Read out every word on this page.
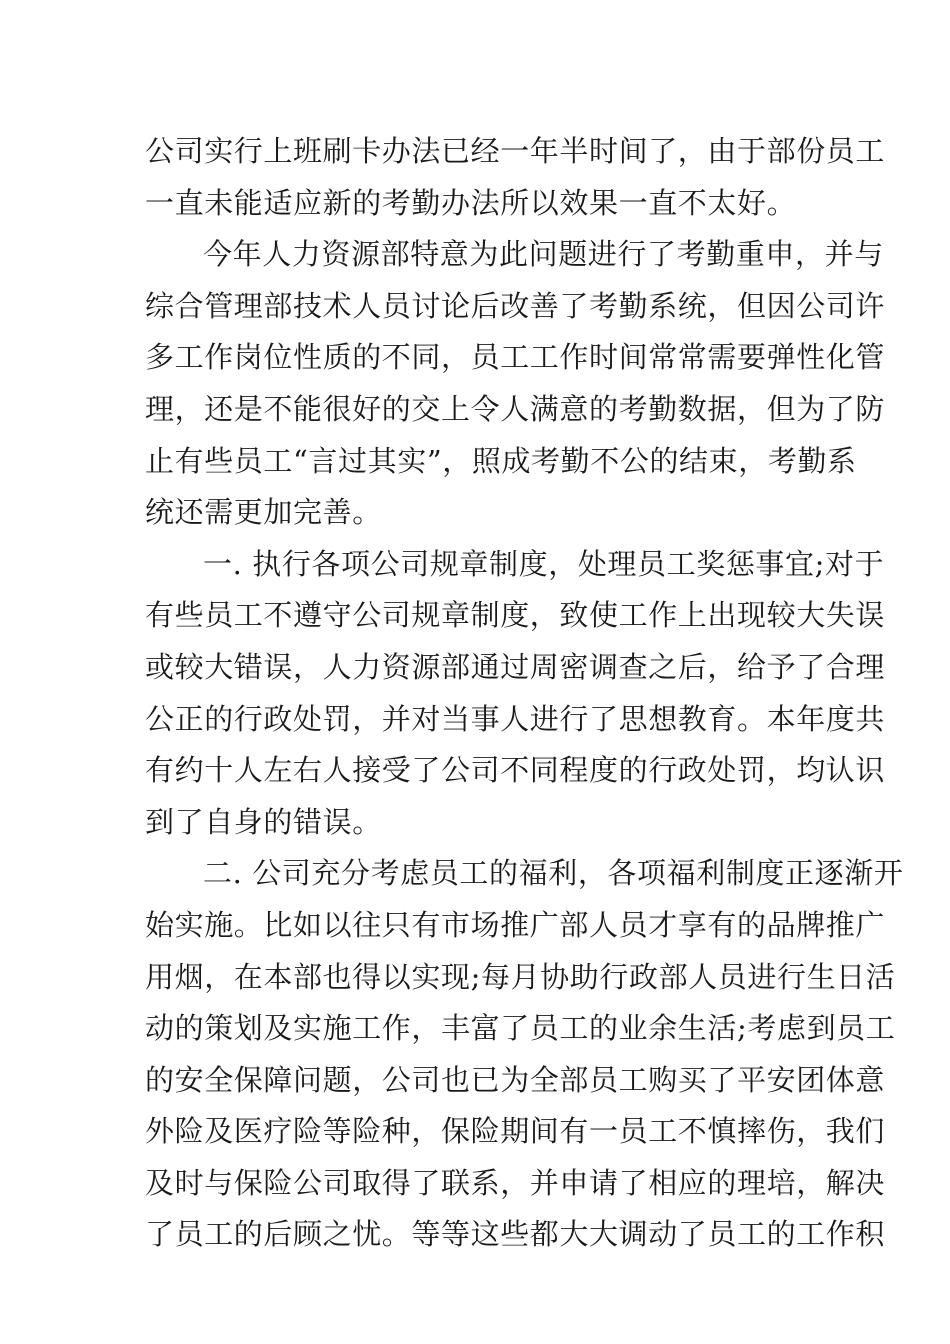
公司实行上班刷卡办法已经一年半时间了，由于部份员工
一直未能适应新的考勤办法所以效果一直不太好。
今年人力资源部特意为此问题进行了考勤重申，并与
综合管理部技术人员讨论后改善了考勤系统，但因公司许
多工作岗位性质的不同，员工工作时间常常需要弹性化管
理，还是不能很好的交上令人满意的考勤数据，但为了防
止有些员工“言过其实”，照成考勤不公的结束，考勤系
统还需更加完善。
一. 执行各项公司规章制度，处理员工奖惩事宜;对于
有些员工不遵守公司规章制度，致使工作上出现较大失误
或较大错误，人力资源部通过周密调查之后，给予了合理
公正的行政处罚，并对当事人进行了思想教育。本年度共
有约十人左右人接受了公司不同程度的行政处罚，均认识
到了自身的错误。
二. 公司充分考虑员工的福利，各项福利制度正逐渐开
始实施。比如以往只有市场推广部人员才享有的品牌推广
用烟，在本部也得以实现;每月协助行政部人员进行生日活
动的策划及实施工作，丰富了员工的业余生活;考虑到员工
的安全保障问题，公司也已为全部员工购买了平安团体意
外险及医疗险等险种，保险期间有一员工不慎摔伤，我们
及时与保险公司取得了联系，并申请了相应的理培，解决
了员工的后顾之忧。等等这些都大大调动了员工的工作积
